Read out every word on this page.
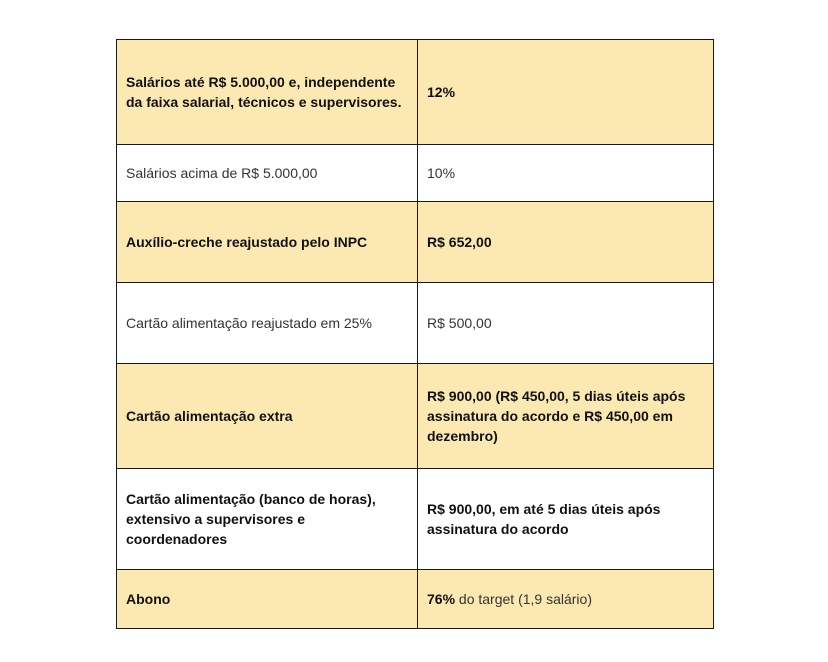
Salários até R$ 5.000,00 e, independente da faixa salarial, técnicos e supervisores.	12%
Salários acima de R$ 5.000,00	10%
Auxílio-creche reajustado pelo INPC	R$ 652,00
Cartão alimentação reajustado em 25%	R$ 500,00
Cartão alimentação extra	R$ 900,00 (R$ 450,00, 5 dias úteis após assinatura do acordo e R$ 450,00 em dezembro)
Cartão alimentação (banco de horas), extensivo a supervisores e coordenadores	R$ 900,00, em até 5 dias úteis após assinatura do acordo
Abono	76% do target (1,9 salário)
